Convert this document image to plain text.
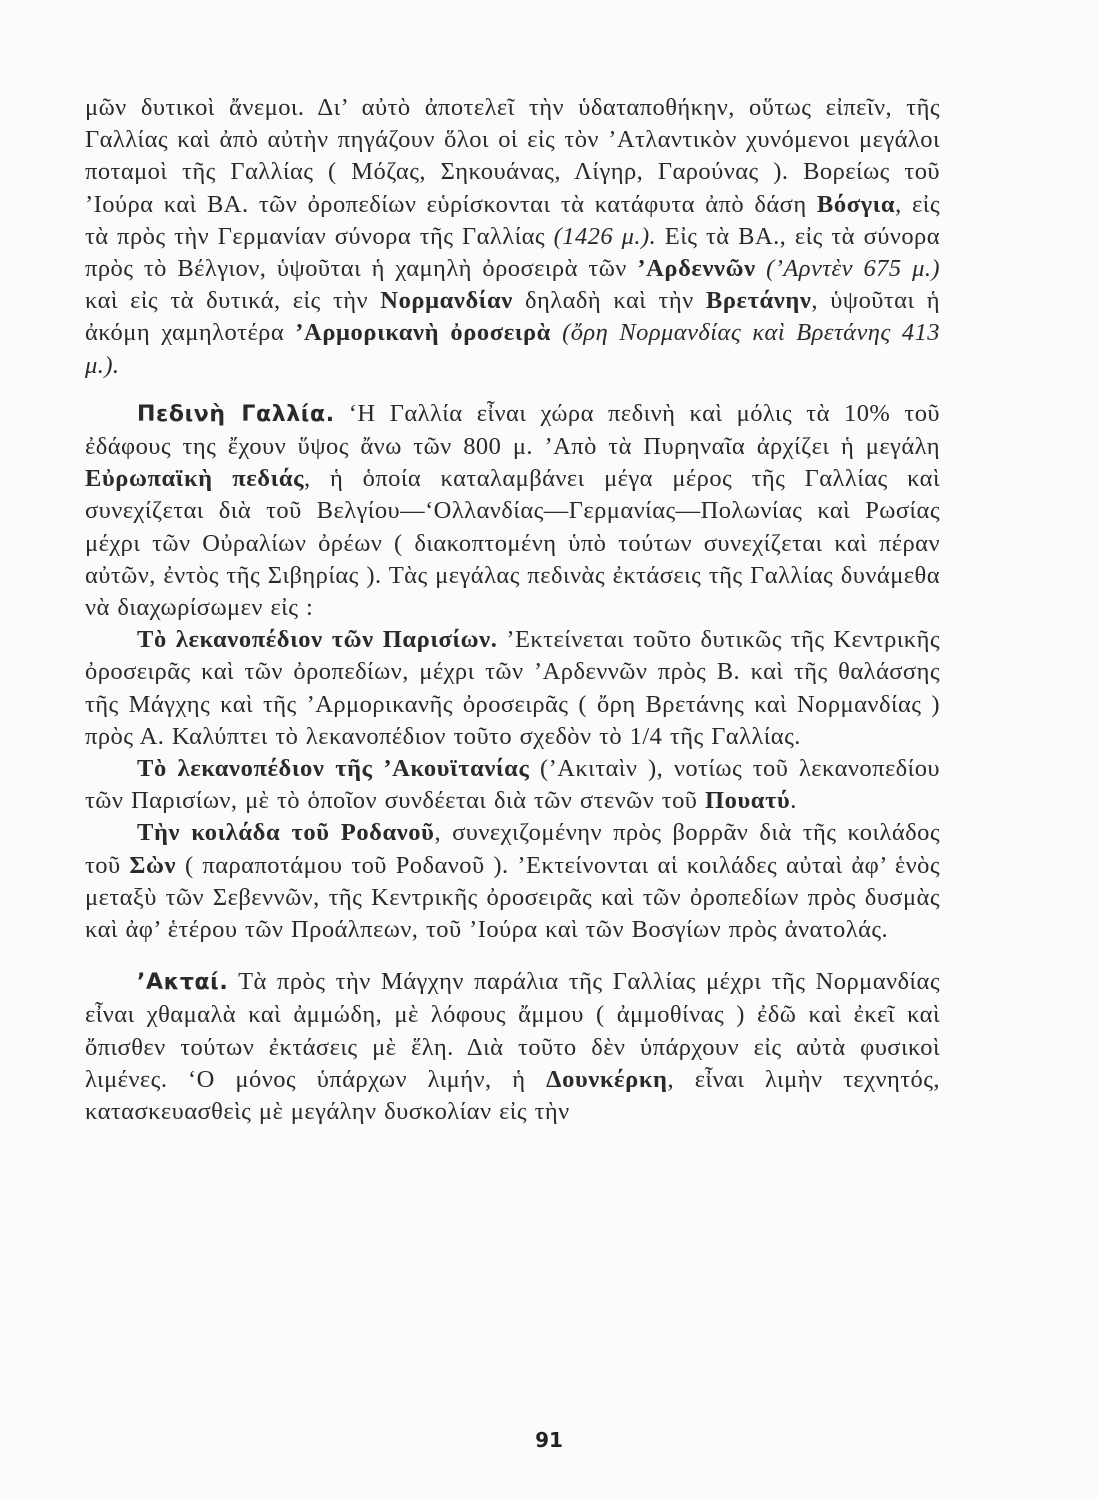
μῶν δυτικοὶ ἄνεμοι. Δι’ αὐτὸ ἀποτελεῖ τὴν ὑδαταποθήκην, οὕτως εἰπεῖν, τῆς Γαλλίας καὶ ἀπὸ αὐτὴν πηγάζουν ὅλοι οἱ εἰς τὸν ’Ατλαντικὸν χυνόμενοι μεγάλοι ποταμοὶ τῆς Γαλλίας ( Μόζας, Σηκουάνας, Λίγηρ, Γαρούνας ). Βορείως τοῦ ’Ιούρα καὶ ΒΑ. τῶν ὀροπεδίων εὑρίσκονται τὰ κατάφυτα ἀπὸ δάση Βόσγια, εἰς τὰ πρὸς τὴν Γερμανίαν σύνορα τῆς Γαλλίας (1426 μ.). Εἰς τὰ ΒΑ., εἰς τὰ σύνορα πρὸς τὸ Βέλγιον, ὑψοῦται ἡ χαμηλὴ ὀροσειρὰ τῶν ’Αρδεννῶν (’Αρντὲν 675 μ.) καὶ εἰς τὰ δυτικά, εἰς τὴν Νορμανδίαν δηλαδὴ καὶ τὴν Βρετάνην, ὑψοῦται ἡ ἀκόμη χαμηλοτέρα ’Αρμορικανὴ ὀροσειρὰ (ὄρη Νορμανδίας καὶ Βρετάνης 413 μ.).

Πεδινὴ Γαλλία. ‘Η Γαλλία εἶναι χώρα πεδινὴ καὶ μόλις τὰ 10% τοῦ ἐδάφους της ἔχουν ὕψος ἄνω τῶν 800 μ. ’Απὸ τὰ Πυρηναῖα ἀρχίζει ἡ μεγάλη Εὐρωπαϊκὴ πεδιάς, ἡ ὁποία καταλαμβάνει μέγα μέρος τῆς Γαλλίας καὶ συνεχίζεται διὰ τοῦ Βελγίου—‘Ολλανδίας—Γερμανίας—Πολωνίας καὶ Ρωσίας μέχρι τῶν Οὐραλίων ὀρέων ( διακοπτομένη ὑπὸ τούτων συνεχίζεται καὶ πέραν αὐτῶν, ἐντὸς τῆς Σιβηρίας ). Τὰς μεγάλας πεδινὰς ἐκτάσεις τῆς Γαλλίας δυνάμεθα νὰ διαχωρίσωμεν εἰς :

Τὸ λεκανοπέδιον τῶν Παρισίων. ’Εκτείνεται τοῦτο δυτικῶς τῆς Κεντρικῆς ὀροσειρᾶς καὶ τῶν ὀροπεδίων, μέχρι τῶν ’Αρδεννῶν πρὸς Β. καὶ τῆς θαλάσσης τῆς Μάγχης καὶ τῆς ’Αρμορικανῆς ὀροσειρᾶς ( ὄρη Βρετάνης καὶ Νορμανδίας ) πρὸς Α. Καλύπτει τὸ λεκανοπέδιον τοῦτο σχεδὸν τὸ 1/4 τῆς Γαλλίας.

Τὸ λεκανοπέδιον τῆς ’Ακουϊτανίας (’Ακιταὶν ), νοτίως τοῦ λεκανοπεδίου τῶν Παρισίων, μὲ τὸ ὁποῖον συνδέεται διὰ τῶν στενῶν τοῦ Πουατύ.

Τὴν κοιλάδα τοῦ Ροδανοῦ, συνεχιζομένην πρὸς βορρᾶν διὰ τῆς κοιλάδος τοῦ Σὼν ( παραποτάμου τοῦ Ροδανοῦ ). ’Εκτείνονται αἱ κοιλάδες αὐταὶ ἀφ’ ἑνὸς μεταξὺ τῶν Σεβεννῶν, τῆς Κεντρικῆς ὀροσειρᾶς καὶ τῶν ὀροπεδίων πρὸς δυσμὰς καὶ ἀφ’ ἑτέρου τῶν Προάλπεων, τοῦ ’Ιούρα καὶ τῶν Βοσγίων πρὸς ἀνατολάς.

’Ακταί. Τὰ πρὸς τὴν Μάγχην παράλια τῆς Γαλλίας μέχρι τῆς Νορμανδίας εἶναι χθαμαλὰ καὶ ἀμμώδη, μὲ λόφους ἄμμου ( ἀμμοθίνας ) ἐδῶ καὶ ἐκεῖ καὶ ὄπισθεν τούτων ἐκτάσεις μὲ ἕλη. Διὰ τοῦτο δὲν ὑπάρχουν εἰς αὐτὰ φυσικοὶ λιμένες. ‘Ο μόνος ὑπάρχων λιμήν, ἡ Δουνκέρκη, εἶναι λιμὴν τεχνητός, κατασκευασθεὶς μὲ μεγάλην δυσκολίαν εἰς τὴν

91
